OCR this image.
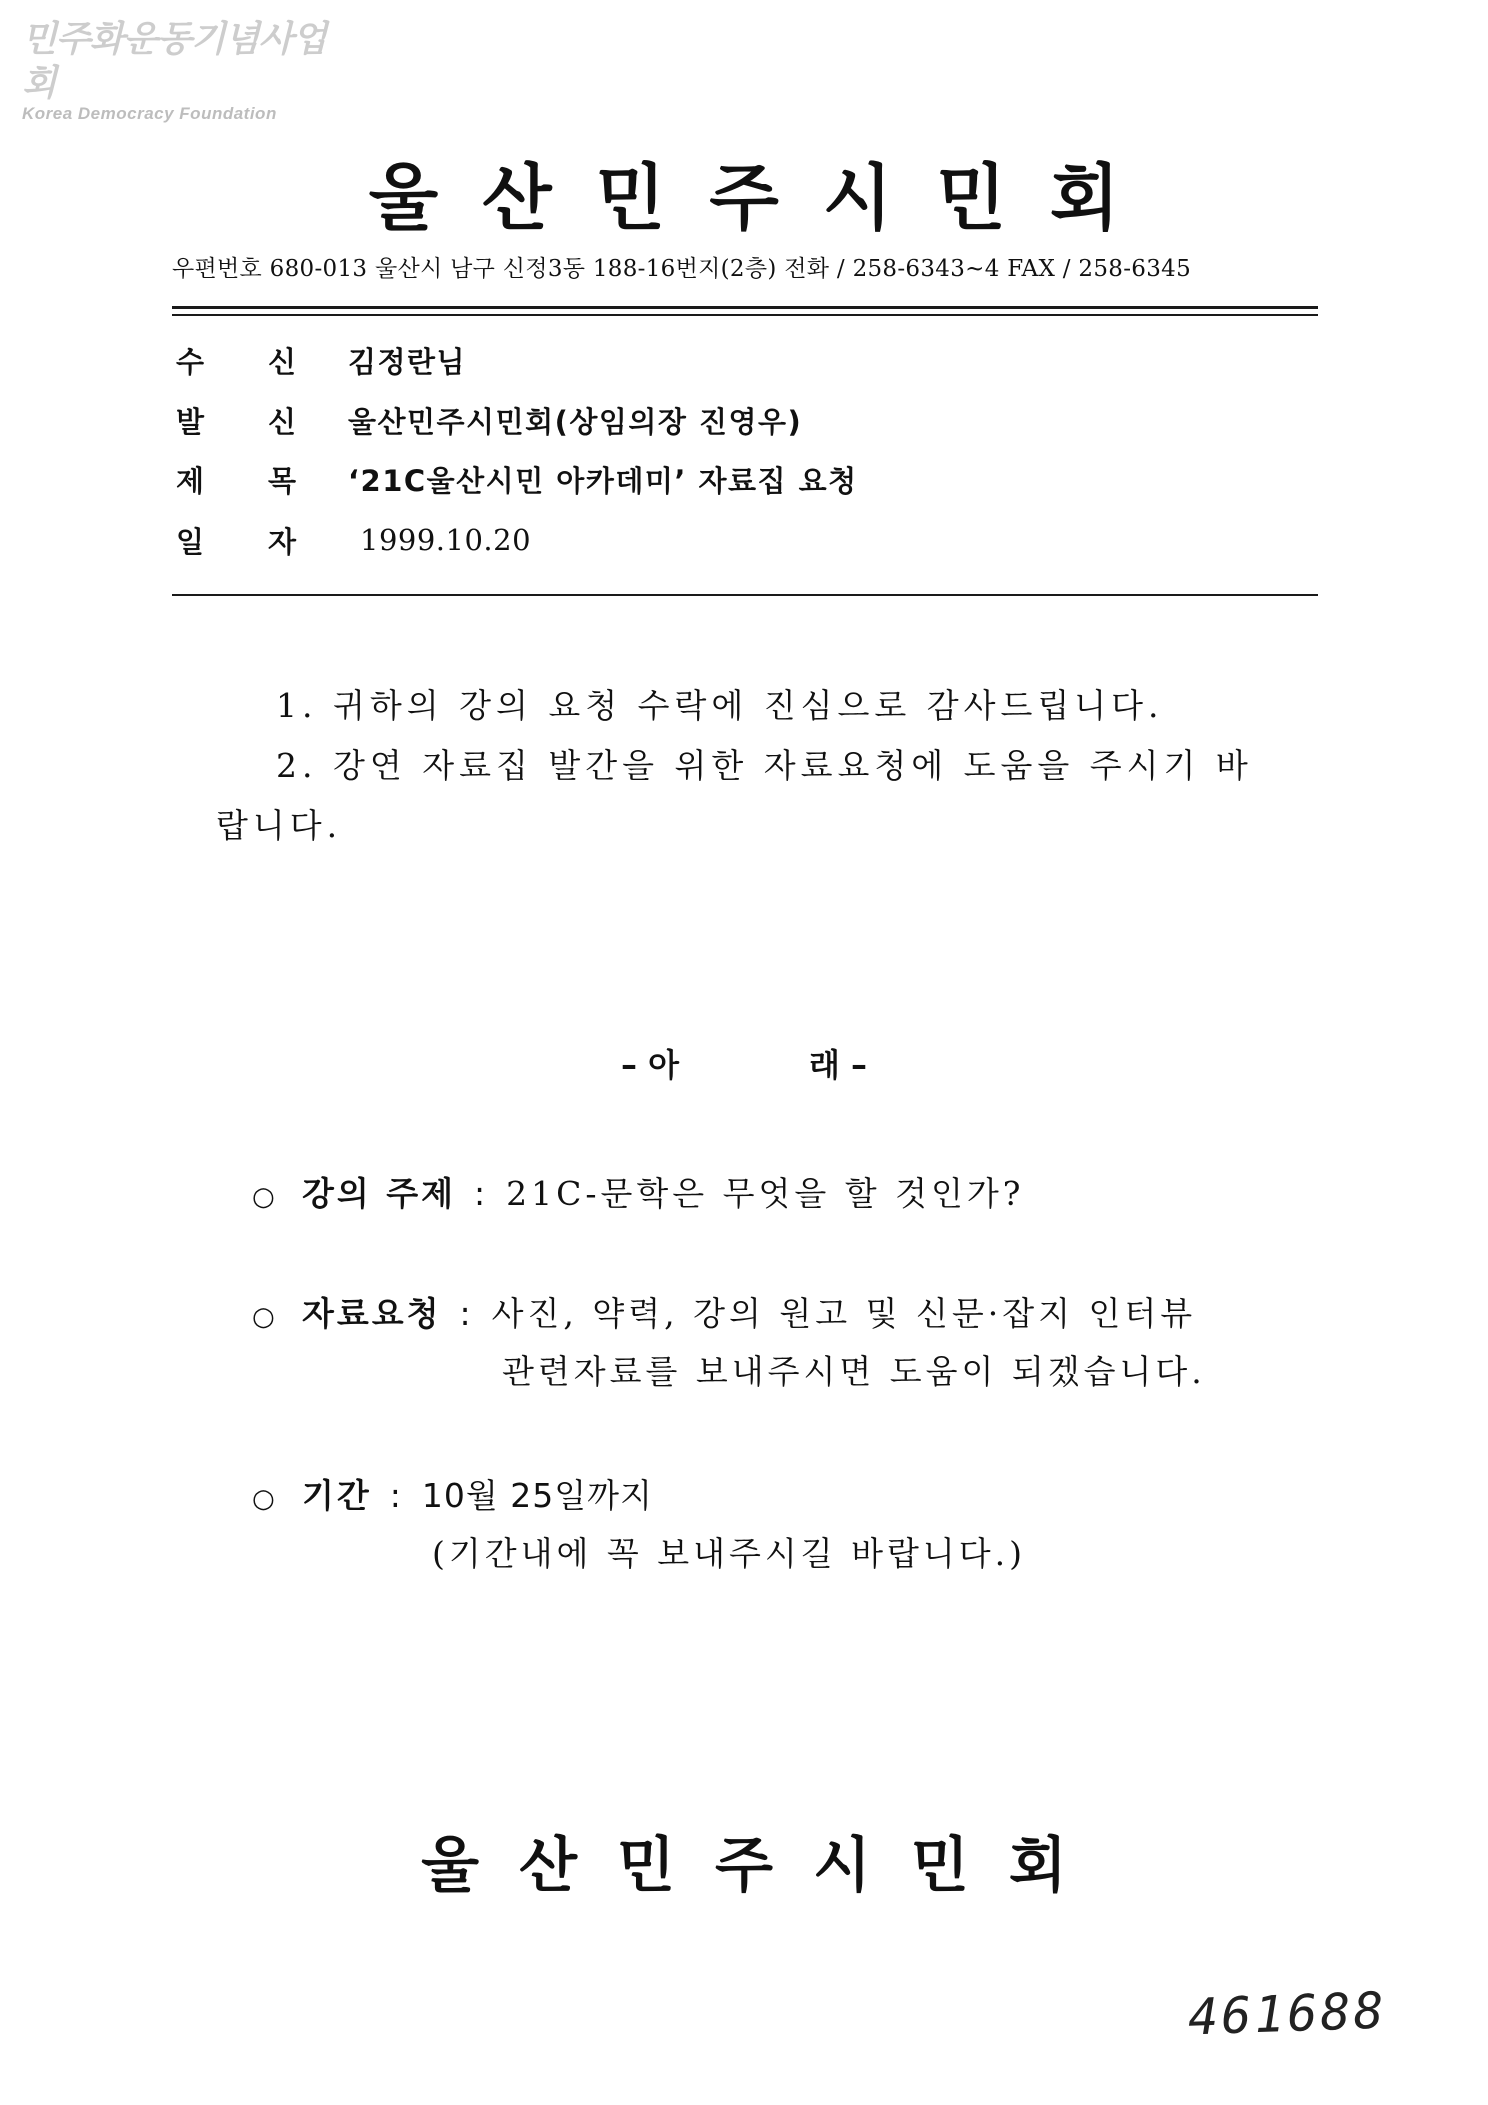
민주화운동기념사업회
Korea Democracy Foundation
울산민주시민회
우편번호 680-013 울산시 남구 신정3동 188-16번지(2층) 전화 / 258-6343~4 FAX / 258-6345
수 신 김정란님
발 신 울산민주시민회(상임의장 진영우)
제 목 ‘21C울산시민 아카데미’ 자료집 요청
일 자 1999.10.20
1. 귀하의 강의 요청 수락에 진심으로 감사드립니다.
2. 강연 자료집 발간을 위한 자료요청에 도움을 주시기 바
랍니다.
– 아	래 –
○ 강의 주제 : 21C-문학은 무엇을 할 것인가?
○ 자료요청 : 사진, 약력, 강의 원고 및 신문·잡지 인터뷰
관련자료를 보내주시면 도움이 되겠습니다.
○ 기간 : 10월 25일까지
(기간내에 꼭 보내주시길 바랍니다.)
울산민주시민회
461688
